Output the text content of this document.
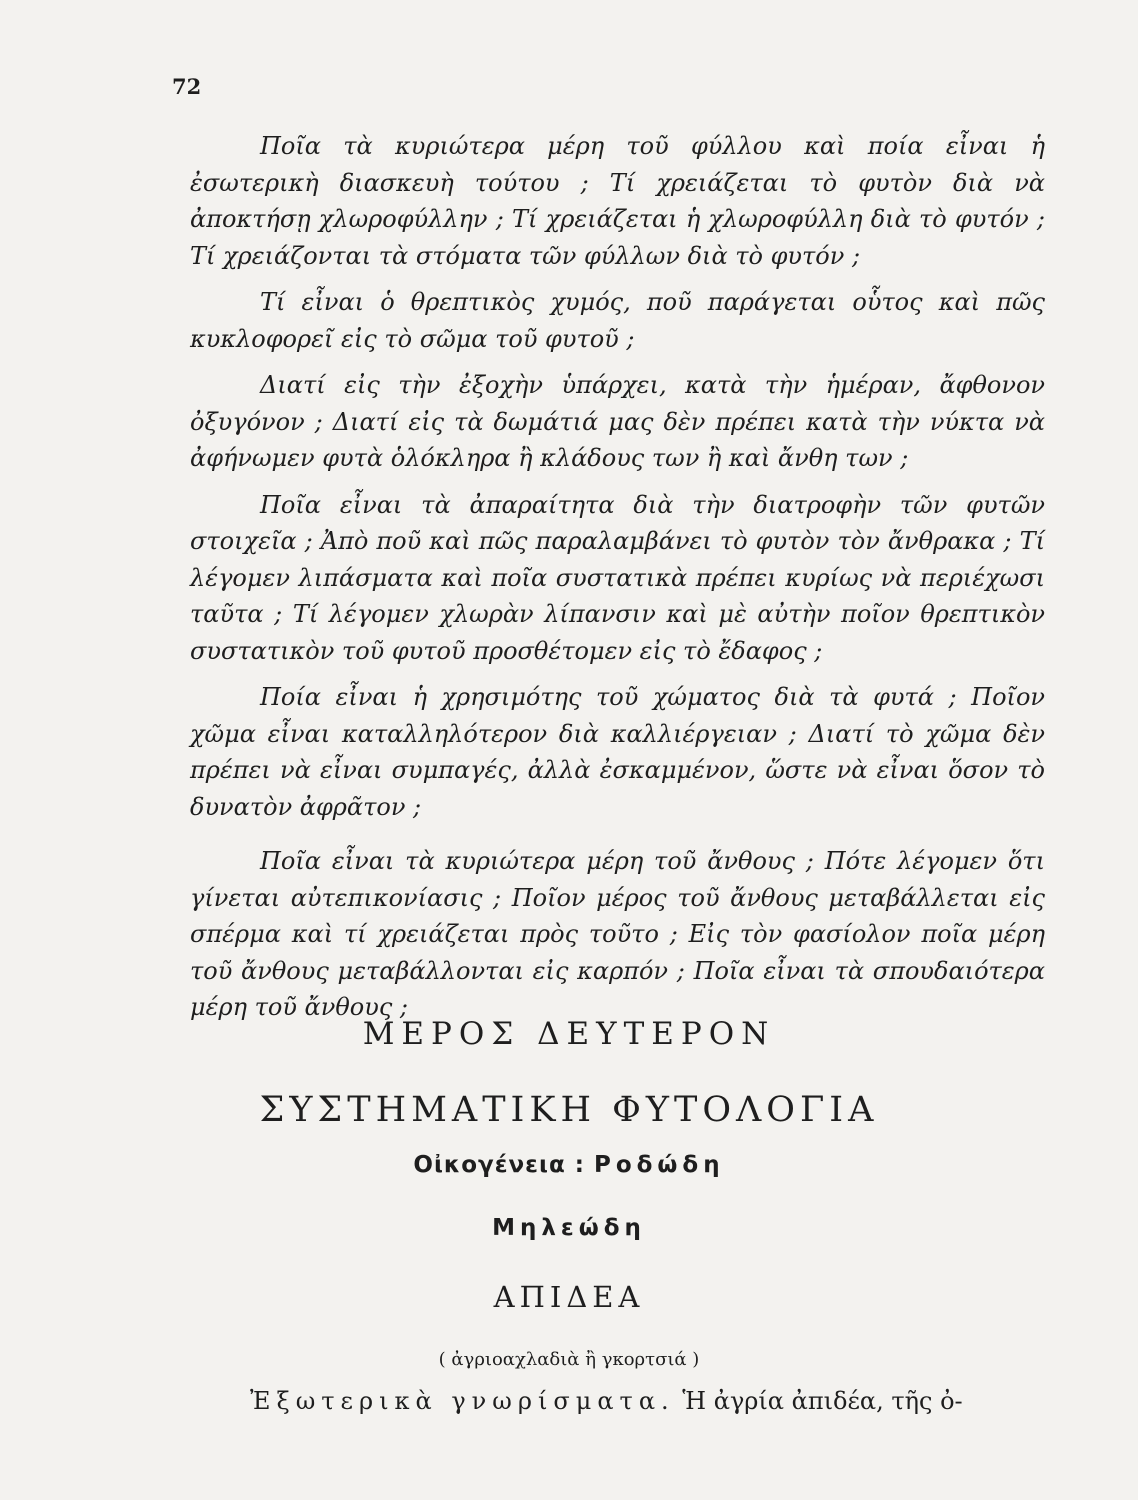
72

Ποῖα τὰ κυριώτερα μέρη τοῦ φύλλου καὶ ποία εἶναι ἡ ἐσωτερικὴ διασκευὴ τούτου ; Τί χρειάζεται τὸ φυτὸν διὰ νὰ ἀποκτήσῃ χλωροφύλλην ; Τί χρειάζεται ἡ χλωροφύλλη διὰ τὸ φυτόν ; Τί χρειάζονται τὰ στόματα τῶν φύλλων διὰ τὸ φυτόν ;

Τί εἶναι ὁ θρεπτικὸς χυμός, ποῦ παράγεται οὗτος καὶ πῶς κυκλοφορεῖ εἰς τὸ σῶμα τοῦ φυτοῦ ;

Διατί εἰς τὴν ἐξοχὴν ὑπάρχει, κατὰ τὴν ἡμέραν, ἄφθονον ὀξυγόνον ; Διατί εἰς τὰ δωμάτιά μας δὲν πρέπει κατὰ τὴν νύκτα νὰ ἀφήνωμεν φυτὰ ὁλόκληρα ἢ κλάδους των ἢ καὶ ἄνθη των ;

Ποῖα εἶναι τὰ ἀπαραίτητα διὰ τὴν διατροφὴν τῶν φυτῶν στοιχεῖα ; Ἀπὸ ποῦ καὶ πῶς παραλαμβάνει τὸ φυτὸν τὸν ἄνθρακα ; Τί λέγομεν λιπάσματα καὶ ποῖα συστατικὰ πρέπει κυρίως νὰ περιέχωσι ταῦτα ; Τί λέγομεν χλωρὰν λίπανσιν καὶ μὲ αὐτὴν ποῖον θρεπτικὸν συστατικὸν τοῦ φυτοῦ προσθέτομεν εἰς τὸ ἔδαφος ;

Ποία εἶναι ἡ χρησιμότης τοῦ χώματος διὰ τὰ φυτά ; Ποῖον χῶμα εἶναι καταλληλότερον διὰ καλλιέργειαν ; Διατί τὸ χῶμα δὲν πρέπει νὰ εἶναι συμπαγές, ἀλλὰ ἐσκαμμένον, ὥστε νὰ εἶναι ὅσον τὸ δυνατὸν ἀφρᾶτον ;

Ποῖα εἶναι τὰ κυριώτερα μέρη τοῦ ἄνθους ; Πότε λέγομεν ὅτι γίνεται αὐτεπικονίασις ; Ποῖον μέρος τοῦ ἄνθους μεταβάλλεται εἰς σπέρμα καὶ τί χρειάζεται πρὸς τοῦτο ; Εἰς τὸν φασίολον ποῖα μέρη τοῦ ἄνθους μεταβάλλονται εἰς καρπόν ; Ποῖα εἶναι τὰ σπουδαιότερα μέρη τοῦ ἄνθους ;

ΜΕΡΟΣ ΔΕΥΤΕΡΟΝ
ΣΥΣΤΗΜΑΤΙΚΗ ΦΥΤΟΛΟΓΙΑ
Οἰκογένεια : Ροδώδη
Μηλεώδη
ΑΠΙΔΕΑ
( ἀγριοαχλαδιὰ ἢ γκορτσιά )
Ἐξωτερικὰ γνωρίσματα. Ἡ ἀγρία ἀπιδέα, τῆς ὀ-
